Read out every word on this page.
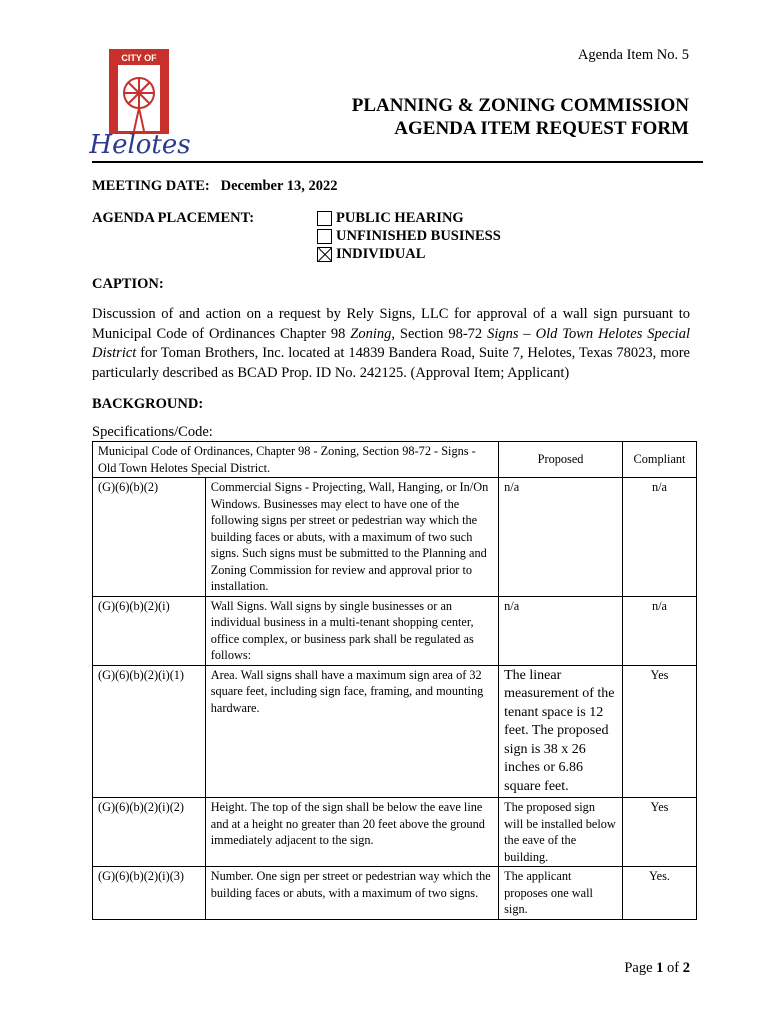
Agenda Item No. 5
CITY OF
Helotes
PLANNING & ZONING COMMISSION
AGENDA ITEM REQUEST FORM
MEETING DATE: December 13, 2022
AGENDA PLACEMENT:	PUBLIC HEARING
UNFINISHED BUSINESS
INDIVIDUAL
CAPTION:
Discussion of and action on a request by Rely Signs, LLC for approval of a wall sign pursuant to Municipal Code of Ordinances Chapter 98 Zoning, Section 98-72 Signs – Old Town Helotes Special District for Toman Brothers, Inc. located at 14839 Bandera Road, Suite 7, Helotes, Texas 78023, more particularly described as BCAD Prop. ID No. 242125. (Approval Item; Applicant)
BACKGROUND:
Specifications/Code:
Municipal Code of Ordinances, Chapter 98 - Zoning, Section 98-72 - Signs - Old Town Helotes Special District.		Proposed	Compliant
(G)(6)(b)(2)	Commercial Signs - Projecting, Wall, Hanging, or In/On Windows. Businesses may elect to have one of the following signs per street or pedestrian way which the building faces or abuts, with a maximum of two such signs. Such signs must be submitted to the Planning and Zoning Commission for review and approval prior to installation.	n/a	n/a
(G)(6)(b)(2)(i)	Wall Signs. Wall signs by single businesses or an individual business in a multi-tenant shopping center, office complex, or business park shall be regulated as follows:	n/a	n/a
(G)(6)(b)(2)(i)(1)	Area. Wall signs shall have a maximum sign area of 32 square feet, including sign face, framing, and mounting hardware.	The linear measurement of the tenant space is 12 feet. The proposed sign is 38 x 26 inches or 6.86 square feet.	Yes
(G)(6)(b)(2)(i)(2)	Height. The top of the sign shall be below the eave line and at a height no greater than 20 feet above the ground immediately adjacent to the sign.	The proposed sign will be installed below the eave of the building.	Yes
(G)(6)(b)(2)(i)(3)	Number. One sign per street or pedestrian way which the building faces or abuts, with a maximum of two signs.	The applicant proposes one wall sign.	Yes.
Page 1 of 2
